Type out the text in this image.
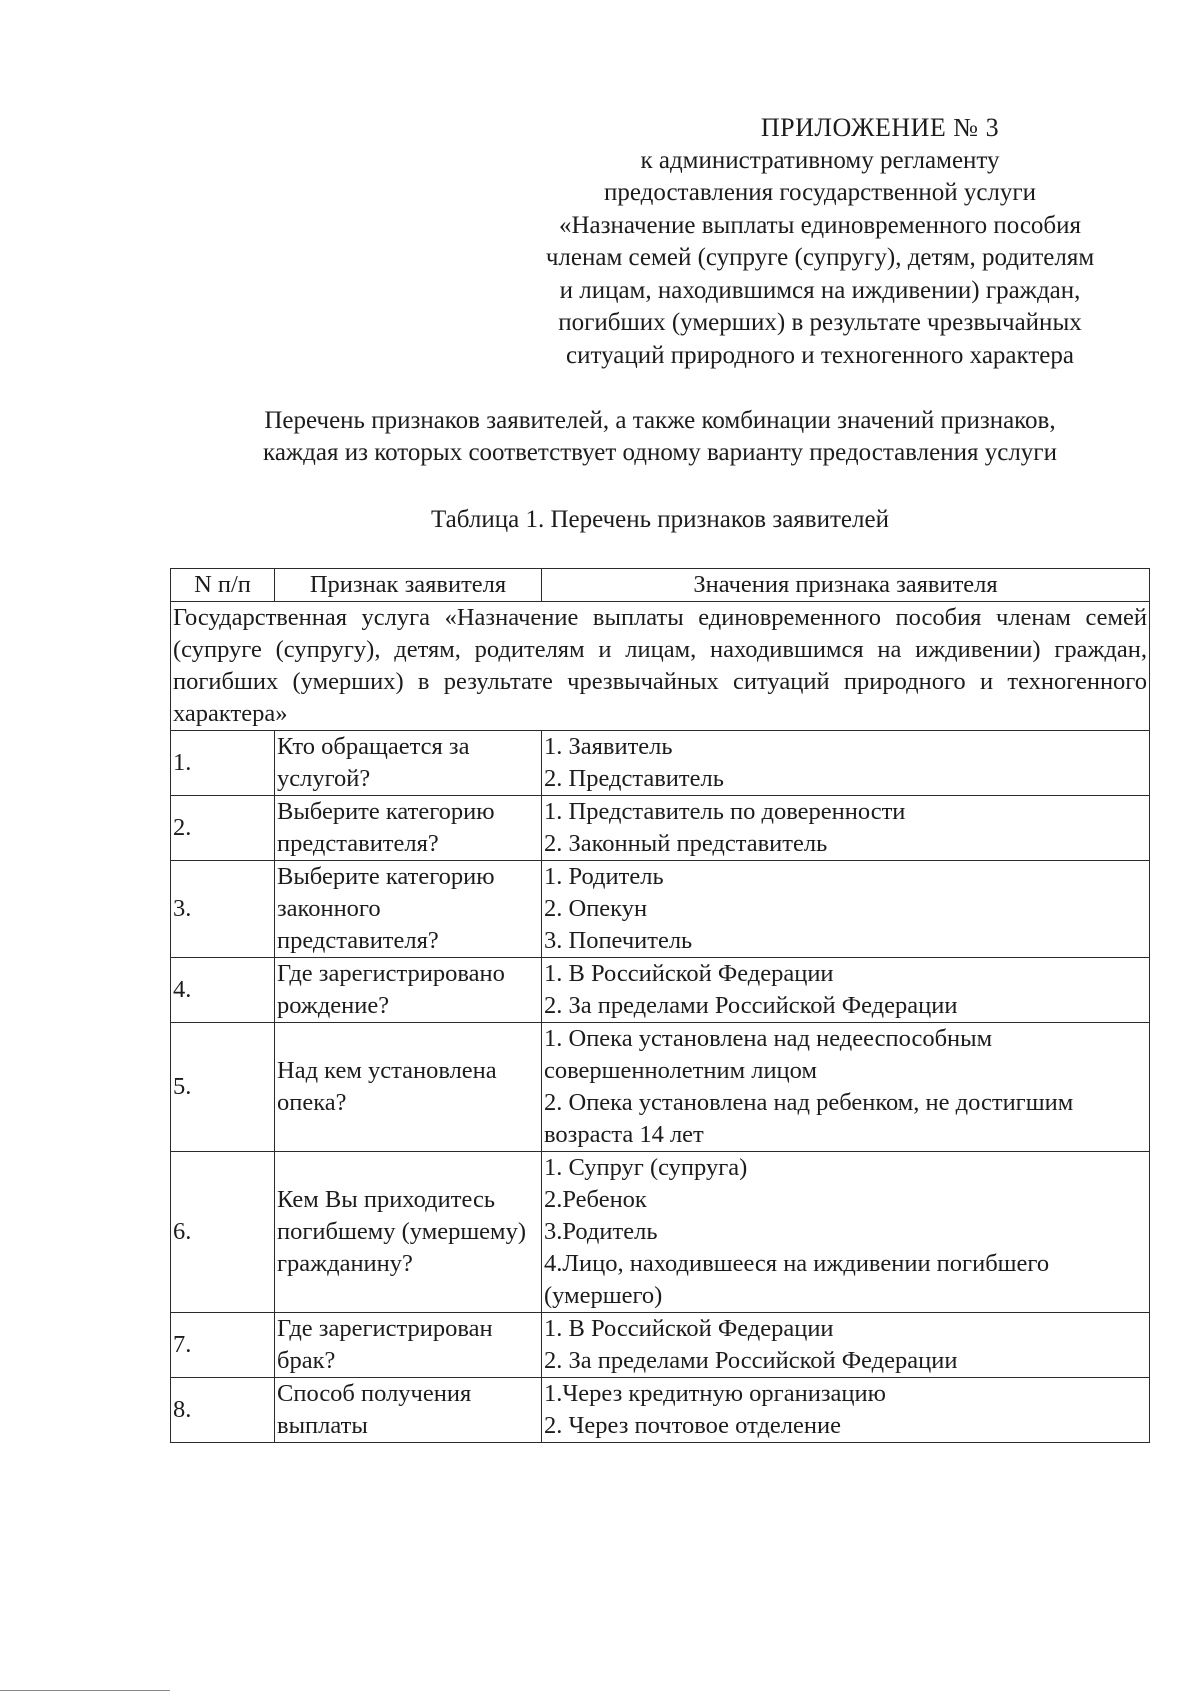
ПРИЛОЖЕНИЕ № 3
к административному регламенту
предоставления государственной услуги
«Назначение выплаты единовременного пособия
членам семей (супруге (супругу), детям, родителям
и лицам, находившимся на иждивении) граждан,
погибших (умерших) в результате чрезвычайных
ситуаций природного и техногенного характера
Перечень признаков заявителей, а также комбинации значений признаков,
каждая из которых соответствует одному варианту предоставления услуги
Таблица 1. Перечень признаков заявителей
N п/п	Признак заявителя	Значения признака заявителя
Государственная услуга «Назначение выплаты единовременного пособия членам семей (супруге (супругу), детям, родителям и лицам, находившимся на иждивении) граждан, погибших (умерших) в результате чрезвычайных ситуаций природного и техногенного характера»		
1.	Кто обращается за услугой?	1. Заявитель
2. Представитель

2.	Выберите категорию представителя?	1. Представитель по доверенности
2. Законный представитель

3.	Выберите категорию законного представителя?	1. Родитель
2. Опекун
3. Попечитель

4.	Где зарегистрировано рождение?	1. В Российской Федерации
2. За пределами Российской Федерации

5.	Над кем установлена опека?	1. Опека установлена над недееспособным совершеннолетним лицом
2. Опека установлена над ребенком, не достигшим возраста 14 лет

6.	Кем Вы приходитесь погибшему (умершему) гражданину?	1. Супруг (супруга)
2.Ребенок
3.Родитель
4.Лицо, находившееся на иждивении погибшего (умершего)

7.	Где зарегистрирован брак?	1. В Российской Федерации
2. За пределами Российской Федерации

8.	Способ получения выплаты	1.Через кредитную организацию
2. Через почтовое отделение
